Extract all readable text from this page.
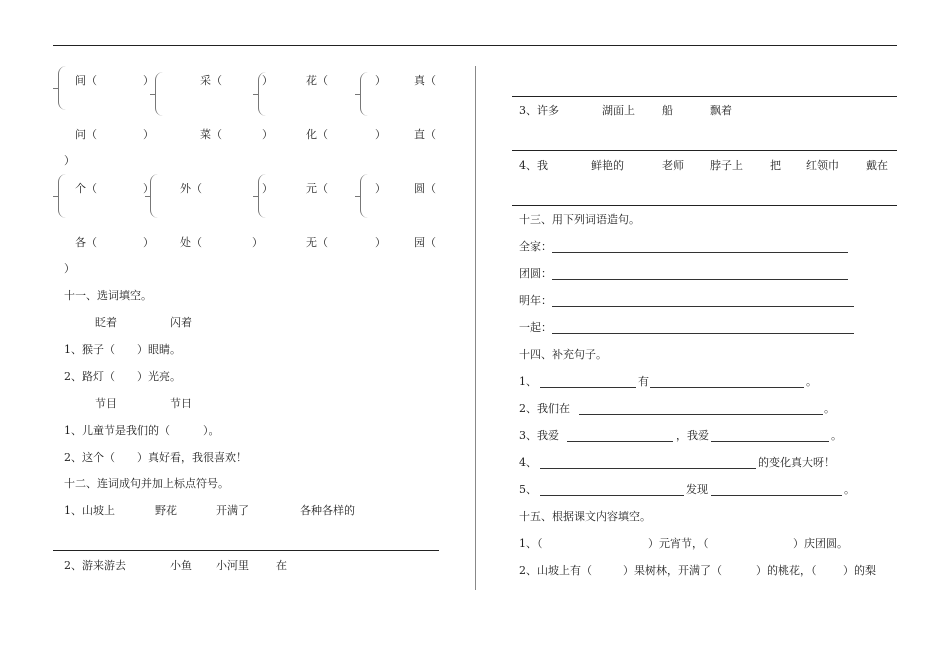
间（	）	采（	）	花（	）	真（
问（	）	菜（	）	化（	）	直（
）
个（	） 外（	）	元（	）	圆（
各（	） 处（	）	无（	）	园（
）
十一、选词填空。
眨着	闪着
1、猴子（　　）眼睛。
2、路灯（　　）光亮。
节目	节日
1、儿童节是我们的（　　　）。
2、这个（　　）真好看，我很喜欢！
十二、连词成句并加上标点符号。
1、山坡上	野花	开满了	各种各样的
2、游来游去	小鱼 小河里 在
3、许多	湖面上 船	飘着
4、我	鲜艳的	老师 脖子上 把 红领巾 戴在
十三、用下列词语造句。
全家：
团圆：
明年：
一起：
十四、补充句子。
1、	有	。
2、我们在	。
3、我爱	，我爱	。
4、	的变化真大呀！
5、	发现	。
十五、根据课文内容填空。
1、（	）元宵节，（	）庆团圆。
2、山坡上有（	）果树林，开满了（	）的桃花，（ ）的梨
